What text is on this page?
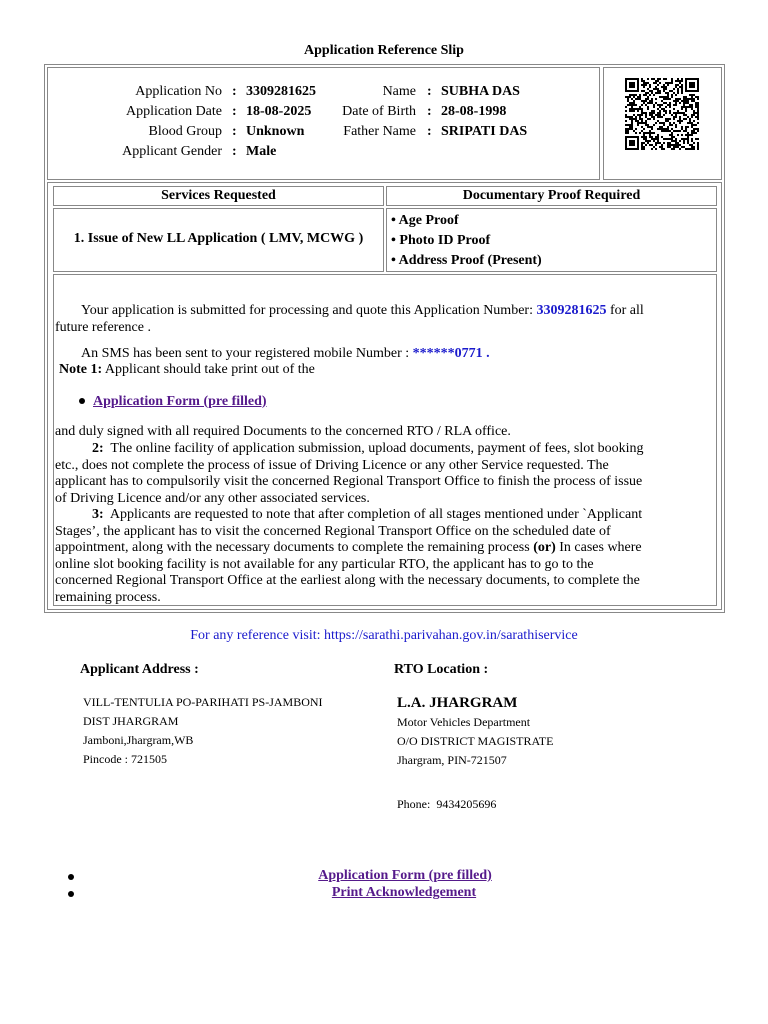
Application Reference Slip
Application No : 3309281625
Application Date : 18-08-2025
Blood Group : Unknown
Applicant Gender : Male
Name : SUBHA DAS
Date of Birth : 28-08-1998
Father Name : SRIPATI DAS
Services Requested	Documentary Proof Required
1. Issue of New LL Application ( LMV, MCWG )
• Age Proof
• Photo ID Proof
• Address Proof (Present)
Your application is submitted for processing and quote this Application Number: 3309281625 for all
future reference .
An SMS has been sent to your registered mobile Number : ******0771 .
Note 1: Applicant should take print out of the
Application Form (pre filled)
and duly signed with all required Documents to the concerned RTO / RLA office.
2: The online facility of application submission, upload documents, payment of fees, slot booking
etc., does not complete the process of issue of Driving Licence or any other Service requested. The
applicant has to compulsorily visit the concerned Regional Transport Office to finish the process of issue
of Driving Licence and/or any other associated services.
3: Applicants are requested to note that after completion of all stages mentioned under `Applicant
Stages’, the applicant has to visit the concerned Regional Transport Office on the scheduled date of
appointment, along with the necessary documents to complete the remaining process (or) In cases where
online slot booking facility is not available for any particular RTO, the applicant has to go to the
concerned Regional Transport Office at the earliest along with the necessary documents, to complete the
remaining process.
For any reference visit: https://sarathi.parivahan.gov.in/sarathiservice
Applicant Address :
VILL-TENTULIA PO-PARIHATI PS-JAMBONI
DIST JHARGRAM
Jamboni,Jhargram,WB
Pincode : 721505
RTO Location :
L.A. JHARGRAM
Motor Vehicles Department
O/O DISTRICT MAGISTRATE
Jhargram, PIN-721507
Phone:  9434205696
Application Form (pre filled)
Print Acknowledgement
